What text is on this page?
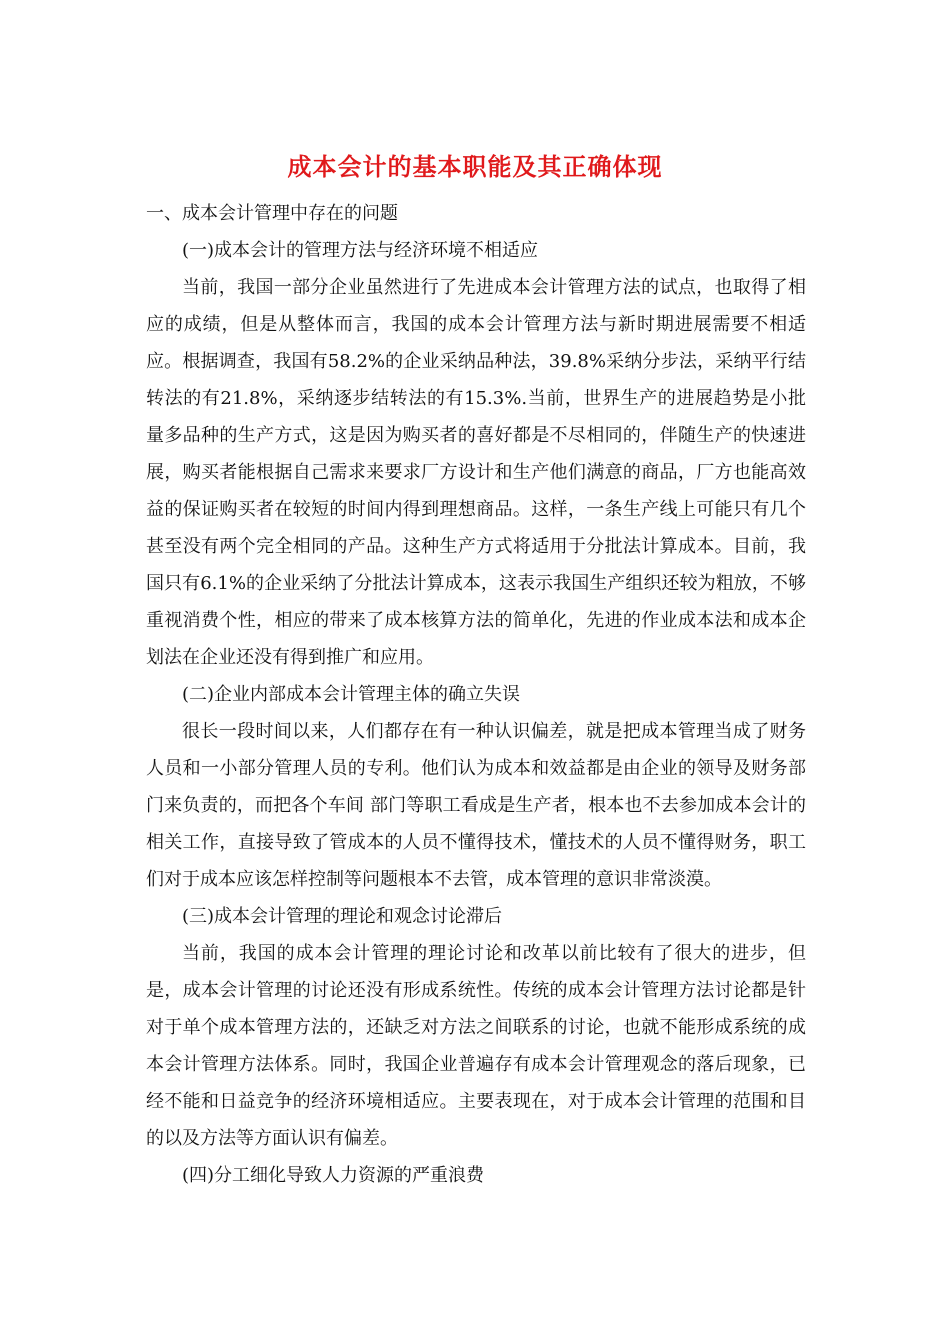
成本会计的基本职能及其正确体现
一、成本会计管理中存在的问题
(一)成本会计的管理方法与经济环境不相适应

当前，我国一部分企业虽然进行了先进成本会计管理方法的试点，也取得了相应的成绩，但是从整体而言，我国的成本会计管理方法与新时期进展需要不相适应。根据调查，我国有58.2%的企业采纳品种法，39.8%采纳分步法，采纳平行结转法的有21.8%，采纳逐步结转法的有15.3%.当前，世界生产的进展趋势是小批量多品种的生产方式，这是因为购买者的喜好都是不尽相同的，伴随生产的快速进展，购买者能根据自己需求来要求厂方设计和生产他们满意的商品，厂方也能高效益的保证购买者在较短的时间内得到理想商品。这样，一条生产线上可能只有几个甚至没有两个完全相同的产品。这种生产方式将适用于分批法计算成本。目前，我国只有6.1%的企业采纳了分批法计算成本，这表示我国生产组织还较为粗放，不够重视消费个性，相应的带来了成本核算方法的简单化，先进的作业成本法和成本企划法在企业还没有得到推广和应用。

(二)企业内部成本会计管理主体的确立失误

很长一段时间以来，人们都存在有一种认识偏差，就是把成本管理当成了财务人员和一小部分管理人员的专利。他们认为成本和效益都是由企业的领导及财务部门来负责的，而把各个车间 部门等职工看成是生产者，根本也不去参加成本会计的相关工作，直接导致了管成本的人员不懂得技术，懂技术的人员不懂得财务，职工们对于成本应该怎样控制等问题根本不去管，成本管理的意识非常淡漠。

(三)成本会计管理的理论和观念讨论滞后

当前，我国的成本会计管理的理论讨论和改革以前比较有了很大的进步，但是，成本会计管理的讨论还没有形成系统性。传统的成本会计管理方法讨论都是针对于单个成本管理方法的，还缺乏对方法之间联系的讨论，也就不能形成系统的成本会计管理方法体系。同时，我国企业普遍存有成本会计管理观念的落后现象，已经不能和日益竞争的经济环境相适应。主要表现在，对于成本会计管理的范围和目的以及方法等方面认识有偏差。

(四)分工细化导致人力资源的严重浪费
